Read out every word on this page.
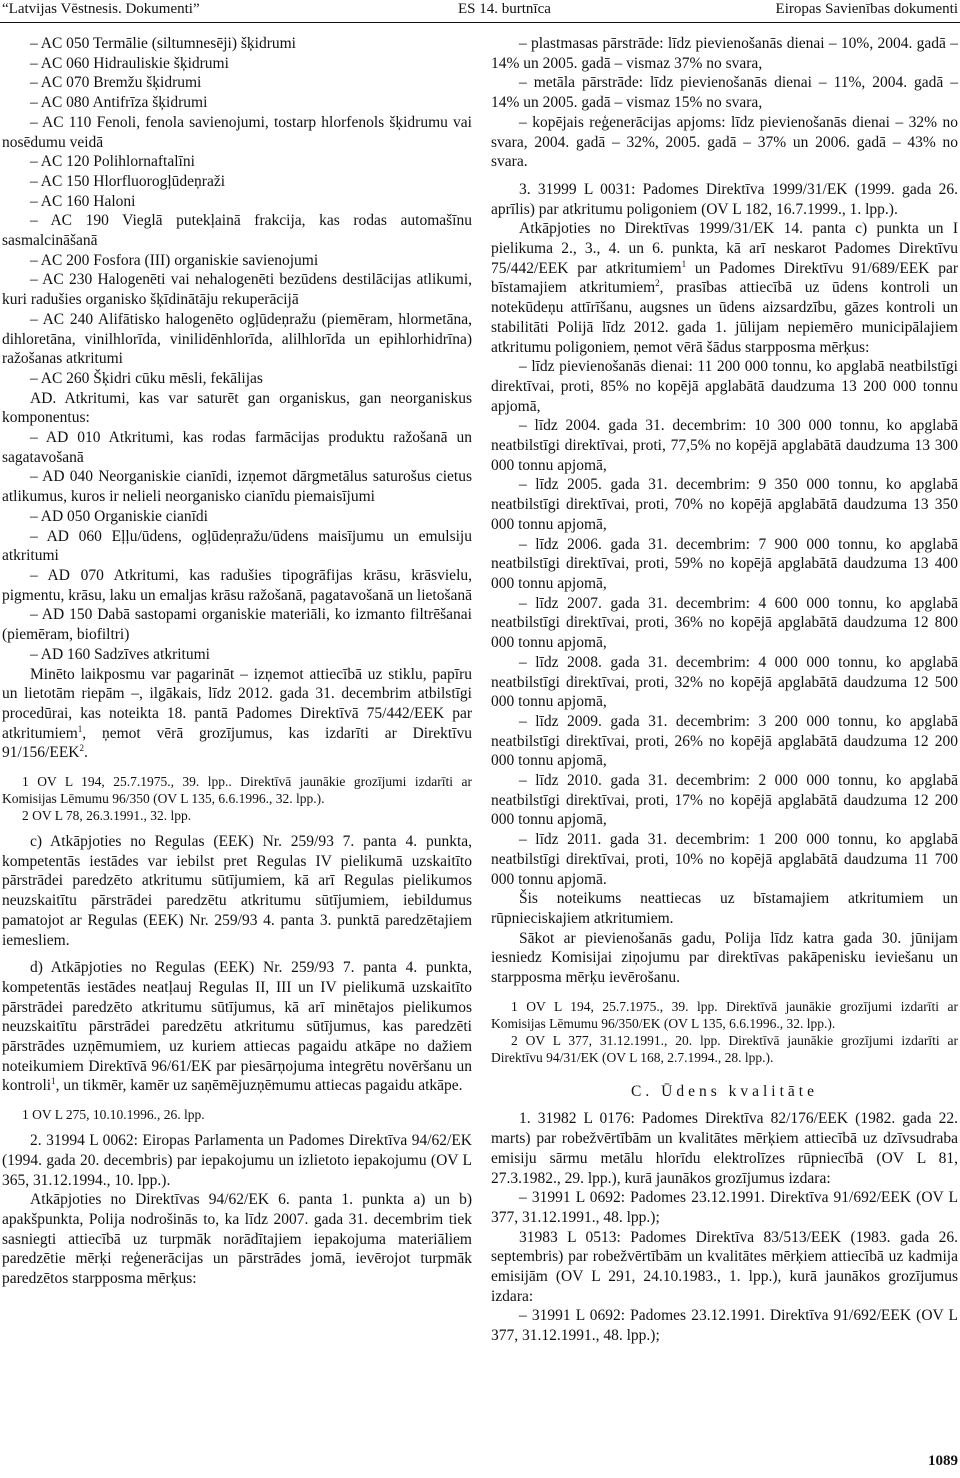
“Latvijas Vēstnesis. Dokumenti”	ES 14. burtnīca	Eiropas Savienības dokumenti

– AC 050 Termālie (siltumnesēji) šķidrumi

– AC 060 Hidrauliskie šķidrumi

– AC 070 Bremžu šķidrumi

– AC 080 Antifrīza šķidrumi

– AC 110 Fenoli, fenola savienojumi, tostarp hlorfenols šķidrumu vai nosēdumu veidā

– AC 120 Polihlornaftalīni

– AC 150 Hlorfluorogļūdeņraži

– AC 160 Haloni

– AC 190 Vieglā putekļainā frakcija, kas rodas automašīnu sasmalcināšanā

– AC 200 Fosfora (III) organiskie savienojumi

– AC 230 Halogenēti vai nehalogenēti bezūdens destilācijas atlikumi, kuri radušies organisko šķīdinātāju rekuperācijā

– AC 240 Alifātisko halogenēto ogļūdeņražu (piemēram, hlormetāna, dihloretāna, vinilhlorīda, vinilidēnhlorīda, alilhlorīda un epihlorhidrīna) ražošanas atkritumi

– AC 260 Šķidri cūku mēsli, fekālijas

AD. Atkritumi, kas var saturēt gan organiskus, gan neorganiskus komponentus:

– AD 010 Atkritumi, kas rodas farmācijas produktu ražošanā un sagatavošanā

– AD 040 Neorganiskie cianīdi, izņemot dārgmetālus saturošus cietus atlikumus, kuros ir nelieli neorganisko cianīdu piemaisījumi

– AD 050 Organiskie cianīdi

– AD 060 Eļļu/ūdens, ogļūdeņražu/ūdens maisījumu un emulsiju atkritumi

– AD 070 Atkritumi, kas radušies tipogrāfijas krāsu, krāsvielu, pigmentu, krāsu, laku un emaljas krāsu ražošanā, pagatavošanā un lietošanā

– AD 150 Dabā sastopami organiskie materiāli, ko izmanto filtrēšanai (piemēram, biofiltri)

– AD 160 Sadzīves atkritumi

Minēto laikposmu var pagarināt – izņemot attiecībā uz stiklu, papīru un lietotām riepām –, ilgākais, līdz 2012. gada 31. decembrim atbilstīgi procedūrai, kas noteikta 18. pantā Padomes Direktīvā 75/442/EEK par atkritumiem$^1$, ņemot vērā grozījumus, kas izdarīti ar Direktīvu 91/156/EEK$^2$.

1 OV L 194, 25.7.1975., 39. lpp.. Direktīvā jaunākie grozījumi izdarīti ar Komisijas Lēmumu 96/350 (OV L 135, 6.6.1996., 32. lpp.).

2 OV L 78, 26.3.1991., 32. lpp.

c) Atkāpjoties no Regulas (EEK) Nr. 259/93 7. panta 4. punkta, kompetentās iestādes var iebilst pret Regulas IV pielikumā uzskaitīto pārstrādei paredzēto atkritumu sūtījumiem, kā arī Regulas pielikumos neuzskaitītu pārstrādei paredzētu atkritumu sūtījumiem, iebildumus pamatojot ar Regulas (EEK) Nr. 259/93 4. panta 3. punktā paredzētajiem iemesliem.

d) Atkāpjoties no Regulas (EEK) Nr. 259/93 7. panta 4. punkta, kompetentās iestādes neatļauj Regulas II, III un IV pielikumā uzskaitīto pārstrādei paredzēto atkritumu sūtījumus, kā arī minētajos pielikumos neuzskaitītu pārstrādei paredzētu atkritumu sūtījumus, kas paredzēti pārstrādes uzņēmumiem, uz kuriem attiecas pagaidu atkāpe no dažiem noteikumiem Direktīvā 96/61/EK par piesārņojuma integrētu novēršanu un kontroli$^1$, un tikmēr, kamēr uz saņēmējuzņēmumu attiecas pagaidu atkāpe.

1 OV L 275, 10.10.1996., 26. lpp.

2. 31994 L 0062: Eiropas Parlamenta un Padomes Direktīva 94/62/EK (1994. gada 20. decembris) par iepakojumu un izlietoto iepakojumu (OV L 365, 31.12.1994., 10. lpp.).

Atkāpjoties no Direktīvas 94/62/EK 6. panta 1. punkta a) un b) apakšpunkta, Polija nodrošinās to, ka līdz 2007. gada 31. decembrim tiek sasniegti attiecībā uz turpmāk norādītajiem iepakojuma materiāliem paredzētie mērķi reģenerācijas un pārstrādes jomā, ievērojot turpmāk paredzētos starpposma mērķus:

– plastmasas pārstrāde: līdz pievienošanās dienai – 10%, 2004. gadā – 14% un 2005. gadā – vismaz 37% no svara,

– metāla pārstrāde: līdz pievienošanās dienai – 11%, 2004. gadā – 14% un 2005. gadā – vismaz 15% no svara,

– kopējais reģenerācijas apjoms: līdz pievienošanās dienai – 32% no svara, 2004. gadā – 32%, 2005. gadā – 37% un 2006. gadā – 43% no svara.

3. 31999 L 0031: Padomes Direktīva 1999/31/EK (1999. gada 26. aprīlis) par atkritumu poligoniem (OV L 182, 16.7.1999., 1. lpp.).

Atkāpjoties no Direktīvas 1999/31/EK 14. panta c) punkta un I pielikuma 2., 3., 4. un 6. punkta, kā arī neskarot Padomes Direktīvu 75/442/EEK par atkritumiem$^1$ un Padomes Direktīvu 91/689/EEK par bīstamajiem atkritumiem$^2$, prasības attiecībā uz ūdens kontroli un notekūdeņu attīrīšanu, augsnes un ūdens aizsardzību, gāzes kontroli un stabilitāti Polijā līdz 2012. gada 1. jūlijam nepiemēro municipālajiem atkritumu poligoniem, ņemot vērā šādus starpposma mērķus:

– līdz pievienošanās dienai: 11 200 000 tonnu, ko apglabā neatbilstīgi direktīvai, proti, 85% no kopējā apglabātā daudzuma 13 200 000 tonnu apjomā,

– līdz 2004. gada 31. decembrim: 10 300 000 tonnu, ko apglabā neatbilstīgi direktīvai, proti, 77,5% no kopējā apglabātā daudzuma 13 300 000 tonnu apjomā,

– līdz 2005. gada 31. decembrim: 9 350 000 tonnu, ko apglabā neatbilstīgi direktīvai, proti, 70% no kopējā apglabātā daudzuma 13 350 000 tonnu apjomā,

– līdz 2006. gada 31. decembrim: 7 900 000 tonnu, ko apglabā neatbilstīgi direktīvai, proti, 59% no kopējā apglabātā daudzuma 13 400 000 tonnu apjomā,

– līdz 2007. gada 31. decembrim: 4 600 000 tonnu, ko apglabā neatbilstīgi direktīvai, proti, 36% no kopējā apglabātā daudzuma 12 800 000 tonnu apjomā,

– līdz 2008. gada 31. decembrim: 4 000 000 tonnu, ko apglabā neatbilstīgi direktīvai, proti, 32% no kopējā apglabātā daudzuma 12 500 000 tonnu apjomā,

– līdz 2009. gada 31. decembrim: 3 200 000 tonnu, ko apglabā neatbilstīgi direktīvai, proti, 26% no kopējā apglabātā daudzuma 12 200 000 tonnu apjomā,

– līdz 2010. gada 31. decembrim: 2 000 000 tonnu, ko apglabā neatbilstīgi direktīvai, proti, 17% no kopējā apglabātā daudzuma 12 200 000 tonnu apjomā,

– līdz 2011. gada 31. decembrim: 1 200 000 tonnu, ko apglabā neatbilstīgi direktīvai, proti, 10% no kopējā apglabātā daudzuma 11 700 000 tonnu apjomā.

Šis noteikums neattiecas uz bīstamajiem atkritumiem un rūpnieciskajiem atkritumiem.

Sākot ar pievienošanās gadu, Polija līdz katra gada 30. jūnijam iesniedz Komisijai ziņojumu par direktīvas pakāpenisku ieviešanu un starpposma mērķu ievērošanu.

1 OV L 194, 25.7.1975., 39. lpp. Direktīvā jaunākie grozījumi izdarīti ar Komisijas Lēmumu 96/350/EK (OV L 135, 6.6.1996., 32. lpp.).

2 OV L 377, 31.12.1991., 20. lpp. Direktīvā jaunākie grozījumi izdarīti ar Direktīvu 94/31/EK (OV L 168, 2.7.1994., 28. lpp.).

C. Ūdens kvalitāte

1. 31982 L 0176: Padomes Direktīva 82/176/EEK (1982. gada 22. marts) par robežvērtībām un kvalitātes mērķiem attiecībā uz dzīvsudraba emisiju sārmu metālu hlorīdu elektrolīzes rūpniecībā (OV L 81, 27.3.1982., 29. lpp.), kurā jaunākos grozījumus izdara:

– 31991 L 0692: Padomes 23.12.1991. Direktīva 91/692/EEK (OV L 377, 31.12.1991., 48. lpp.);

31983 L 0513: Padomes Direktīva 83/513/EEK (1983. gada 26. septembris) par robežvērtībām un kvalitātes mērķiem attiecībā uz kadmija emisijām (OV L 291, 24.10.1983., 1. lpp.), kurā jaunākos grozījumus izdara:

– 31991 L 0692: Padomes 23.12.1991. Direktīva 91/692/EEK (OV L 377, 31.12.1991., 48. lpp.);

1089
